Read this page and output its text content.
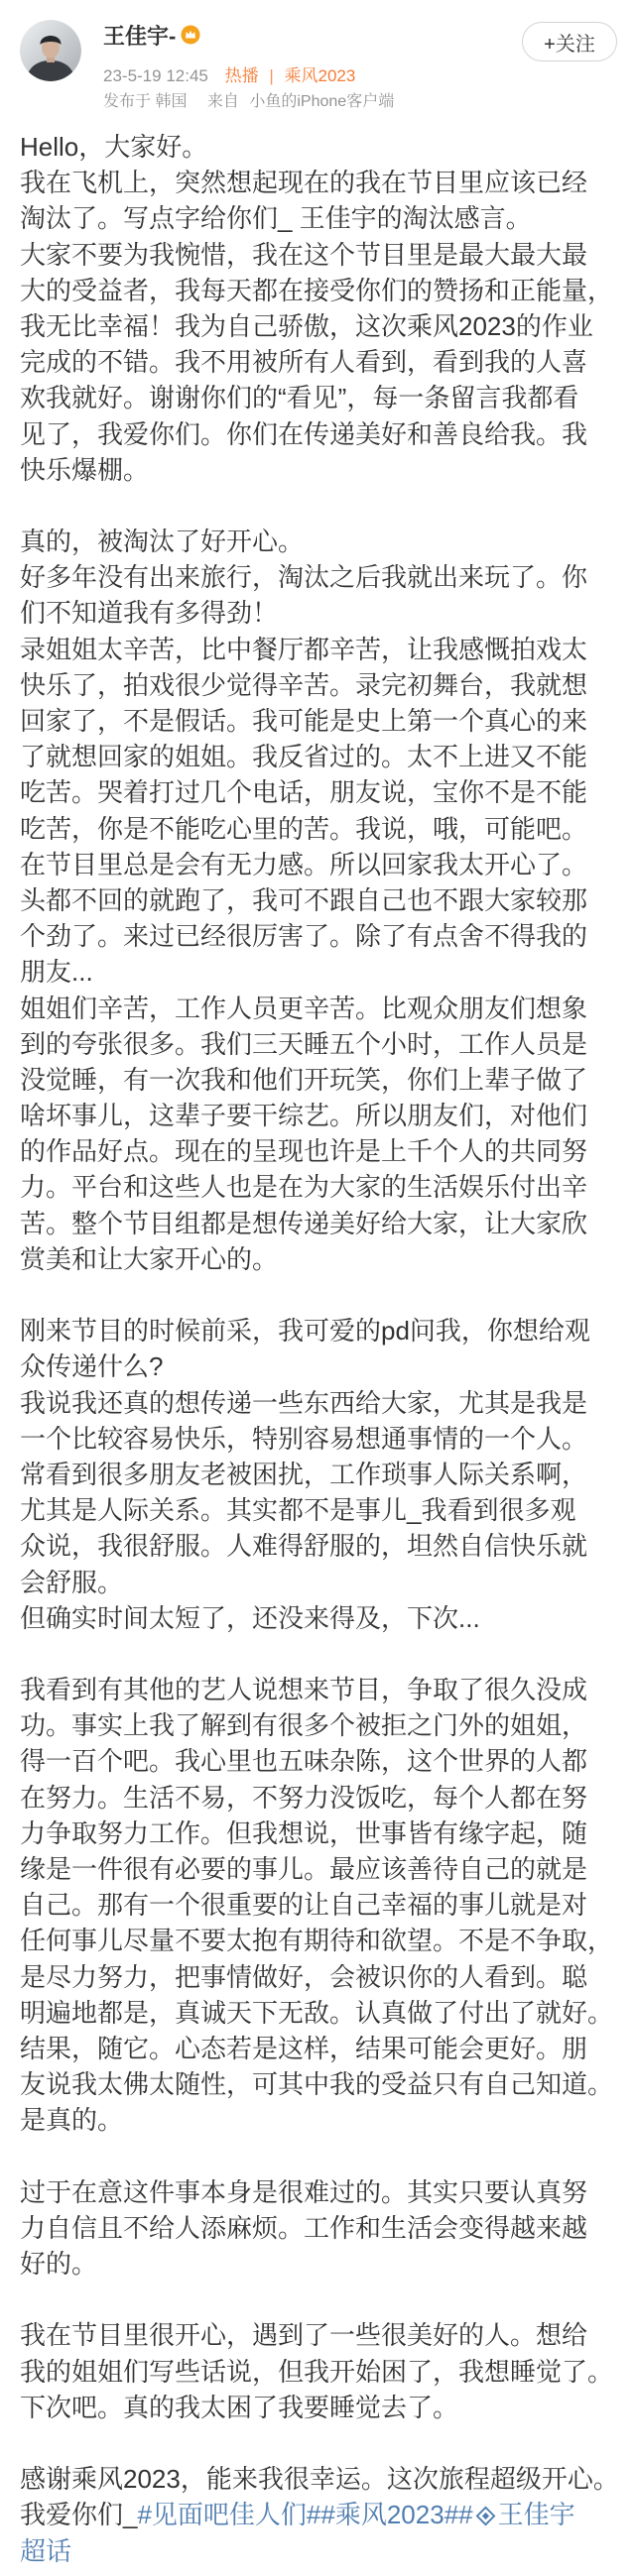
王佳宇-
23-5-19 12:45 热播 | 乘风2023
发布于 韩国 来自 小鱼的iPhone客户端
+关注
Hello，大家好。
我在飞机上，突然想起现在的我在节目里应该已经
淘汰了。写点字给你们_ 王佳宇的淘汰感言。
大家不要为我惋惜，我在这个节目里是最大最大最
大的受益者，我每天都在接受你们的赞扬和正能量，
我无比幸福！我为自己骄傲，这次乘风2023的作业
完成的不错。我不用被所有人看到，看到我的人喜
欢我就好。谢谢你们的“看见”，每一条留言我都看
见了，我爱你们。你们在传递美好和善良给我。我
快乐爆棚。
真的，被淘汰了好开心。
好多年没有出来旅行，淘汰之后我就出来玩了。你
们不知道我有多得劲！
录姐姐太辛苦，比中餐厅都辛苦，让我感慨拍戏太
快乐了，拍戏很少觉得辛苦。录完初舞台，我就想
回家了，不是假话。我可能是史上第一个真心的来
了就想回家的姐姐。我反省过的。太不上进又不能
吃苦。哭着打过几个电话，朋友说，宝你不是不能
吃苦，你是不能吃心里的苦。我说，哦，可能吧。
在节目里总是会有无力感。所以回家我太开心了。
头都不回的就跑了，我可不跟自己也不跟大家较那
个劲了。来过已经很厉害了。除了有点舍不得我的
朋友...
姐姐们辛苦，工作人员更辛苦。比观众朋友们想象
到的夸张很多。我们三天睡五个小时，工作人员是
没觉睡，有一次我和他们开玩笑，你们上辈子做了
啥坏事儿，这辈子要干综艺。所以朋友们，对他们
的作品好点。现在的呈现也许是上千个人的共同努
力。平台和这些人也是在为大家的生活娱乐付出辛
苦。整个节目组都是想传递美好给大家，让大家欣
赏美和让大家开心的。
刚来节目的时候前采，我可爱的pd问我，你想给观
众传递什么?
我说我还真的想传递一些东西给大家，尤其是我是
一个比较容易快乐，特别容易想通事情的一个人。
常看到很多朋友老被困扰，工作琐事人际关系啊，
尤其是人际关系。其实都不是事儿_我看到很多观
众说，我很舒服。人难得舒服的，坦然自信快乐就
会舒服。
但确实时间太短了，还没来得及，下次...
我看到有其他的艺人说想来节目，争取了很久没成
功。事实上我了解到有很多个被拒之门外的姐姐，
得一百个吧。我心里也五味杂陈，这个世界的人都
在努力。生活不易，不努力没饭吃，每个人都在努
力争取努力工作。但我想说，世事皆有缘字起，随
缘是一件很有必要的事儿。最应该善待自己的就是
自己。那有一个很重要的让自己幸福的事儿就是对
任何事儿尽量不要太抱有期待和欲望。不是不争取，
是尽力努力，把事情做好，会被识你的人看到。聪
明遍地都是，真诚天下无敌。认真做了付出了就好。
结果，随它。心态若是这样，结果可能会更好。朋
友说我太佛太随性，可其中我的受益只有自己知道。
是真的。
过于在意这件事本身是很难过的。其实只要认真努
力自信且不给人添麻烦。工作和生活会变得越来越
好的。
我在节目里很开心，遇到了一些很美好的人。想给
我的姐姐们写些话说，但我开始困了，我想睡觉了。
下次吧。真的我太困了我要睡觉去了。
感谢乘风2023，能来我很幸运。这次旅程超级开心。
我爱你们_#见面吧佳人们##乘风2023## 王佳宇
超话
